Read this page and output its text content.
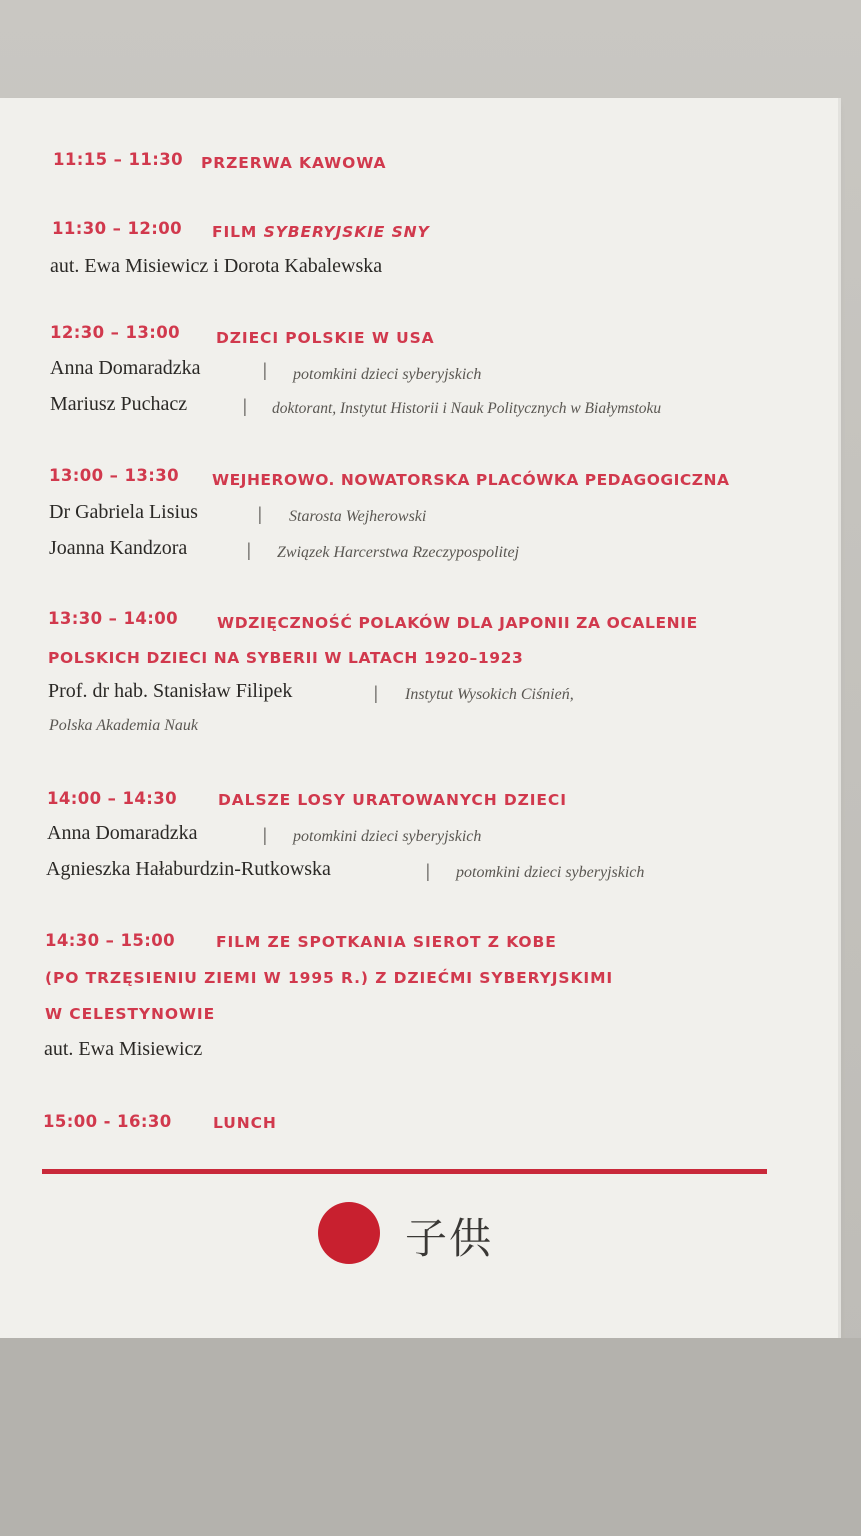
11:15 – 11:30 PRZERWA KAWOWA
11:30 – 12:00 FILM SYBERYJSKIE SNY
aut. Ewa Misiewicz i Dorota Kabalewska
12:30 – 13:00 DZIECI POLSKIE W USA
Anna Domaradzka	| potomkini dzieci syberyjskich
Mariusz Puchacz	| doktorant, Instytut Historii i Nauk Politycznych w Białymstoku
13:00 – 13:30 WEJHEROWO. NOWATORSKA PLACÓWKA PEDAGOGICZNA
Dr Gabriela Lisius	| Starosta Wejherowski
Joanna Kandzora	| Związek Harcerstwa Rzeczypospolitej
13:30 – 14:00	WDZIĘCZNOŚĆ POLAKÓW DLA JAPONII ZA OCALENIE
POLSKICH DZIECI NA SYBERII W LATACH 1920–1923
Prof. dr hab. Stanisław Filipek	| Instytut Wysokich Ciśnień,
Polska Akademia Nauk
14:00 – 14:30	DALSZE LOSY URATOWANYCH DZIECI
Anna Domaradzka	| potomkini dzieci syberyjskich
Agnieszka Hałaburdzin-Rutkowska	| potomkini dzieci syberyjskich
14:30 – 15:00	FILM ZE SPOTKANIA SIEROT Z KOBE
(PO TRZĘSIENIU ZIEMI W 1995 R.) Z DZIEĆMI SYBERYJSKIMI
W CELESTYNOWIE
aut. Ewa Misiewicz
15:00 - 16:30	LUNCH
子供
